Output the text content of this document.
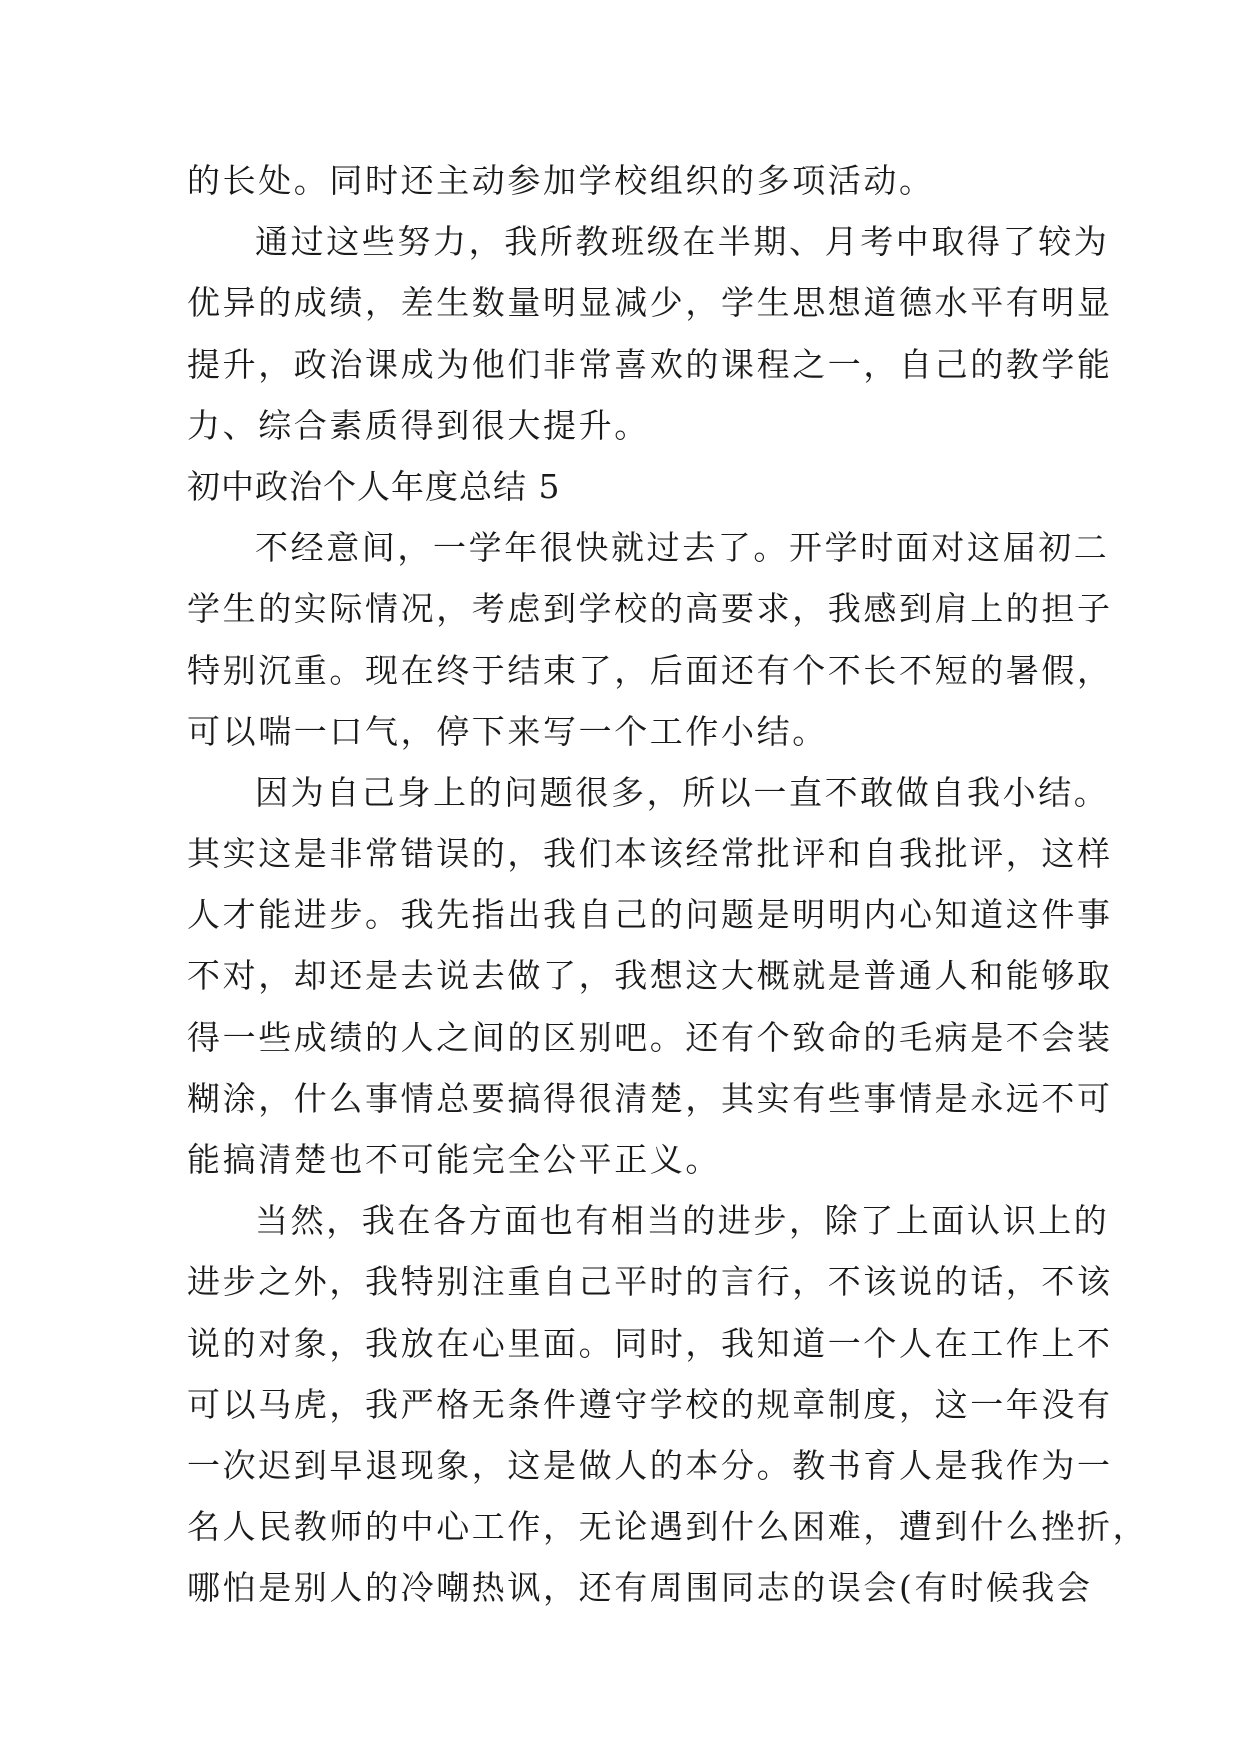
的长处。同时还主动参加学校组织的多项活动。
通过这些努力，我所教班级在半期、月考中取得了较为
优异的成绩，差生数量明显减少，学生思想道德水平有明显
提升，政治课成为他们非常喜欢的课程之一，自己的教学能
力、综合素质得到很大提升。
初中政治个人年度总结 5
不经意间，一学年很快就过去了。开学时面对这届初二
学生的实际情况，考虑到学校的高要求，我感到肩上的担子
特别沉重。现在终于结束了，后面还有个不长不短的暑假，
可以喘一口气，停下来写一个工作小结。
因为自己身上的问题很多，所以一直不敢做自我小结。
其实这是非常错误的，我们本该经常批评和自我批评，这样
人才能进步。我先指出我自己的问题是明明内心知道这件事
不对，却还是去说去做了，我想这大概就是普通人和能够取
得一些成绩的人之间的区别吧。还有个致命的毛病是不会装
糊涂，什么事情总要搞得很清楚，其实有些事情是永远不可
能搞清楚也不可能完全公平正义。
当然，我在各方面也有相当的进步，除了上面认识上的
进步之外，我特别注重自己平时的言行，不该说的话，不该
说的对象，我放在心里面。同时，我知道一个人在工作上不
可以马虎，我严格无条件遵守学校的规章制度，这一年没有
一次迟到早退现象，这是做人的本分。教书育人是我作为一
名人民教师的中心工作，无论遇到什么困难，遭到什么挫折，
哪怕是别人的冷嘲热讽，还有周围同志的误会(有时候我会
